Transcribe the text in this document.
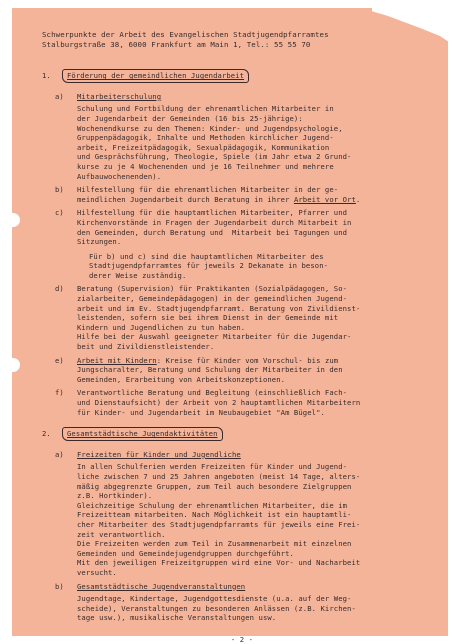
Schwerpunkte der Arbeit des Evangelischen Stadtjugendpfarramtes
Stalburgstraße 38, 6000 Frankfurt am Main 1, Tel.: 55 55 70
1.	Förderung der gemeindlichen Jugendarbeit
a)	Mitarbeiterschulung
Schulung und Fortbildung der ehrenamtlichen Mitarbeiter in
der Jugendarbeit der Gemeinden (16 bis 25-jährige):
Wochenendkurse zu den Themen: Kinder- und Jugendpsychologie,
Gruppenpädagogik, Inhalte und Methoden kirchlicher Jugend-
arbeit, Freizeitpädagogik, Sexualpädagogik, Kommunikation
und Gesprächsführung, Theologie, Spiele (im Jahr etwa 2 Grund-
kurse zu je 4 Wochenenden und je 16 Teilnehmer und mehrere
Aufbauwochenenden).
b)	Hilfestellung für die ehrenamtlichen Mitarbeiter in der ge-
meindlichen Jugendarbeit durch Beratung in ihrer Arbeit vor Ort.
c)	Hilfestellung für die hauptamtlichen Mitarbeiter, Pfarrer und
Kirchenvorstände in Fragen der Jugendarbeit durch Mitarbeit in
den Gemeinden, durch Beratung und  Mitarbeit bei Tagungen und
Sitzungen.
Für b) und c) sind die hauptamtlichen Mitarbeiter des
Stadtjugendpfarramtes für jeweils 2 Dekanate in beson-
derer Weise zuständig.
d)	Beratung (Supervision) für Praktikanten (Sozialpädagogen, So-
zialarbeiter, Gemeindepädagogen) in der gemeindlichen Jugend-
arbeit und im Ev. Stadtjugendpfarramt. Beratung von Zivildienst-
leistenden, sofern sie bei ihrem Dienst in der Gemeinde mit
Kindern und Jugendlichen zu tun haben.
Hilfe bei der Auswahl geeigneter Mitarbeiter für die Jugendar-
beit und Zivildienstleistender.
e)	Arbeit mit Kindern: Kreise für Kinder vom Vorschul- bis zum
Jungscharalter, Beratung und Schulung der Mitarbeiter in den
Gemeinden, Erarbeitung von Arbeitskonzeptionen.
f)	Verantwortliche Beratung und Begleitung (einschließlich Fach-
und Dienstaufsicht) der Arbeit von 2 hauptamtlichen Mitarbeitern
für Kinder- und Jugendarbeit im Neubaugebiet "Am Bügel".
2.	Gesamtstädtische Jugendaktivitäten
a)	Freizeiten für Kinder und Jugendliche
In allen Schulferien werden Freizeiten für Kinder und Jugend-
liche zwischen 7 und 25 Jahren angeboten (meist 14 Tage, alters-
mäßig abgegrenzte Gruppen, zum Teil auch besondere Zielgruppen
z.B. Hortkinder).
Gleichzeitige Schulung der ehrenamtlichen Mitarbeiter, die im
Freizeitteam mitarbeiten. Nach Möglichkeit ist ein hauptamtli-
cher Mitarbeiter des Stadtjugendpfarramts für jeweils eine Frei-
zeit verantwortlich.
Die Freizeiten werden zum Teil in Zusammenarbeit mit einzelnen
Gemeinden und Gemeindejugendgruppen durchgeführt.
Mit den jeweiligen Freizeitgruppen wird eine Vor- und Nacharbeit
versucht.
b)	Gesamtstädtische Jugendveranstaltungen
Jugendtage, Kindertage, Jugendgottesdienste (u.a. auf der Weg-
scheide), Veranstaltungen zu besonderen Anlässen (z.B. Kirchen-
tage usw.), musikalische Veranstaltungen usw.
- 2 -
